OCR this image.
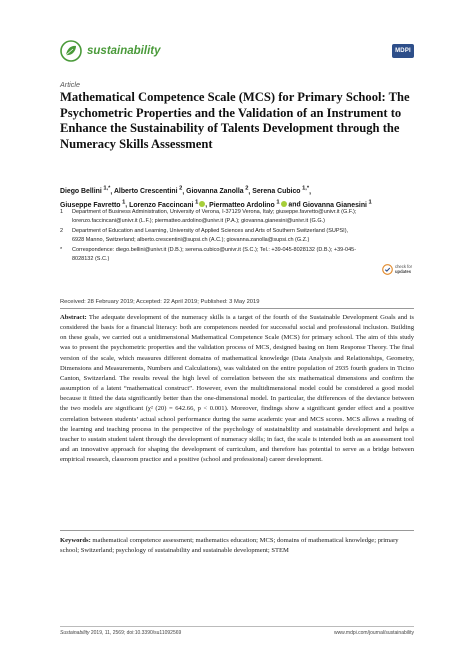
sustainability	MDPI
Article
Mathematical Competence Scale (MCS) for Primary School: The Psychometric Properties and the Validation of an Instrument to Enhance the Sustainability of Talents Development through the Numeracy Skills Assessment
Diego Bellini $^{1,*}$, Alberto Crescentini $^2$, Giovanna Zanolla $^2$, Serena Cubico $^{1,*}$,
Giuseppe Favretto $^1$, Lorenzo Faccincani $^1$ , Piermatteo Ardolino $^1$ and Giovanna Gianesini $^1$
1	Department of Business Administration, University of Verona, I-37129 Verona, Italy; giuseppe.favretto@univr.it (G.F.); lorenzo.faccincani@univr.it (L.F.); piermatteo.ardolino@univr.it (P.A.); giovanna.gianesini@univr.it (G.G.)
2	Department of Education and Learning, University of Applied Sciences and Arts of Southern Switzerland (SUPSI), 6928 Manno, Switzerland; alberto.crescentini@supsi.ch (A.C.); giovanna.zanolla@supsi.ch (G.Z.)
*	Correspondence: diego.bellini@univr.it (D.B.); serena.cubico@univr.it (S.C.); Tel.: +39-045-8028132 (D.B.); +39-045-8028132 (S.C.)
check for
updates
Received: 28 February 2019; Accepted: 22 April 2019; Published: 3 May 2019

Abstract: The adequate development of the numeracy skills is a target of the fourth of the Sustainable Development Goals and is considered the basis for a financial literacy: both are competences needed for successful social and professional inclusion. Building on these goals, we carried out a unidimensional Mathematical Competence Scale (MCS) for primary school. The aim of this study was to present the psychometric properties and the validation process of MCS, designed basing on Item Response Theory. The final version of the scale, which measures different domains of mathematical knowledge (Data Analysis and Relationships, Geometry, Dimensions and Measurements, Numbers and Calculations), was validated on the entire population of 2935 fourth graders in Ticino Canton, Switzerland. The results reveal the high level of correlation between the six mathematical dimensions and confirm the assumption of a latent “mathematical construct”. However, even the multidimensional model could be considered a good model because it fitted the data significantly better than the one-dimensional model. In particular, the differences of the deviance between the two models are significant (χ² (20) = 642.66, p < 0.001). Moreover, findings show a significant gender effect and a positive correlation between students’ actual school performance during the same academic year and MCS scores. MCS allows a reading of the learning and teaching process in the perspective of the psychology of sustainability and sustainable development and helps a teacher to sustain student talent through the development of numeracy skills; in fact, the scale is intended both as an assessment tool and an innovative approach for shaping the development of curriculum, and therefore has potential to serve as a bridge between empirical research, classroom practice and a positive (school and professional) career development.

Keywords: mathematical competence assessment; mathematics education; MCS; domains of mathematical knowledge; primary school; Switzerland; psychology of sustainability and sustainable development; STEM

Sustainability 2019, 11, 2569; doi:10.3390/su11092569	www.mdpi.com/journal/sustainability
